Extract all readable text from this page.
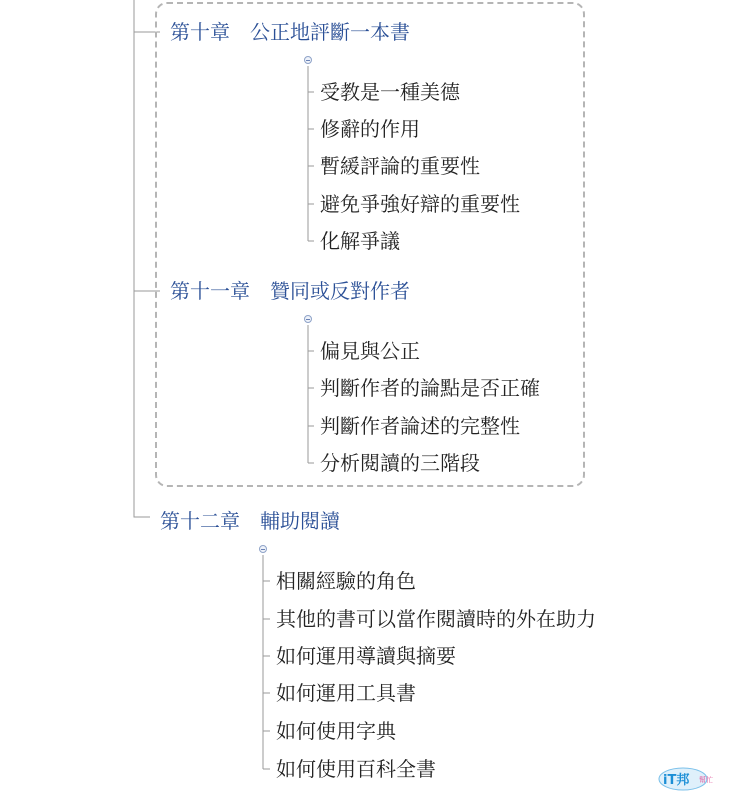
第十章　公正地評斷一本書
受教是一種美德
修辭的作用
暫緩評論的重要性
避免爭強好辯的重要性
化解爭議
第十一章　贊同或反對作者
偏見與公正
判斷作者的論點是否正確
判斷作者論述的完整性
分析閱讀的三階段
第十二章　輔助閱讀
相關經驗的角色
其他的書可以當作閱讀時的外在助力
如何運用導讀與摘要
如何運用工具書
如何使用字典
如何使用百科全書	iT邦 幫忙
